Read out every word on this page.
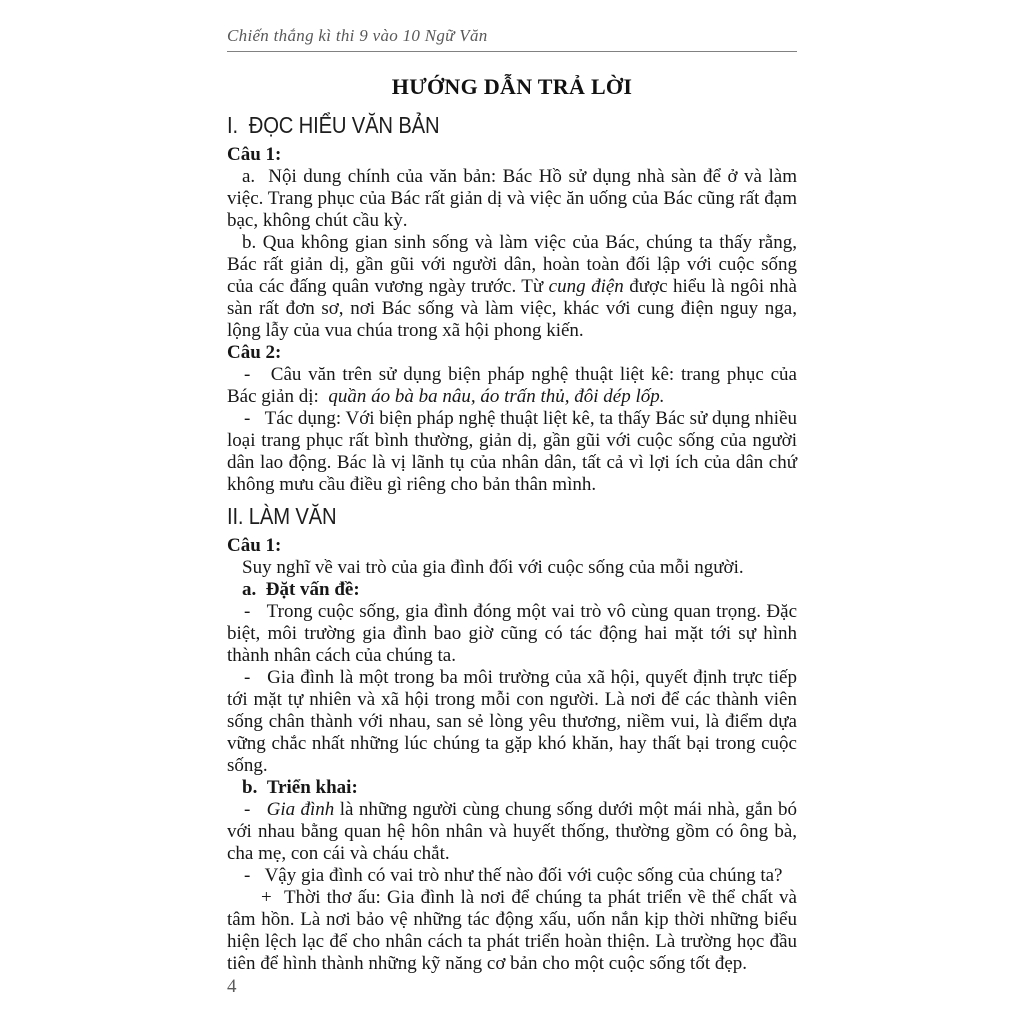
Chiến thắng kì thi 9 vào 10 Ngữ Văn
HƯỚNG DẪN TRẢ LỜI
I.  ĐỌC HIỂU VĂN BẢN

Câu 1:

a.  Nội dung chính của văn bản: Bác Hồ sử dụng nhà sàn để ở và làm việc. Trang phục của Bác rất giản dị và việc ăn uống của Bác cũng rất đạm bạc, không chút cầu kỳ.

b. Qua không gian sinh sống và làm việc của Bác, chúng ta thấy rằng, Bác rất giản dị, gần gũi với người dân, hoàn toàn đối lập với cuộc sống của các đấng quân vương ngày trước. Từ cung điện được hiểu là ngôi nhà sàn rất đơn sơ, nơi Bác sống và làm việc, khác với cung điện nguy nga, lộng lẫy của vua chúa trong xã hội phong kiến.

Câu 2:

-   Câu văn trên sử dụng biện pháp nghệ thuật liệt kê: trang phục của Bác giản dị:  quần áo bà ba nâu, áo trấn thủ, đôi dép lốp.

-   Tác dụng: Với biện pháp nghệ thuật liệt kê, ta thấy Bác sử dụng nhiều loại trang phục rất bình thường, giản dị, gần gũi với cuộc sống của người dân lao động. Bác là vị lãnh tụ của nhân dân, tất cả vì lợi ích của dân chứ không mưu cầu điều gì riêng cho bản thân mình.

II. LÀM VĂN

Câu 1:

Suy nghĩ về vai trò của gia đình đối với cuộc sống của mỗi người.

a.  Đặt vấn đề:

-   Trong cuộc sống, gia đình đóng một vai trò vô cùng quan trọng. Đặc biệt, môi trường gia đình bao giờ cũng có tác động hai mặt tới sự hình thành nhân cách của chúng ta.

-   Gia đình là một trong ba môi trường của xã hội, quyết định trực tiếp tới mặt tự nhiên và xã hội trong mỗi con người. Là nơi để các thành viên sống chân thành với nhau, san sẻ lòng yêu thương, niềm vui, là điểm dựa vững chắc nhất những lúc chúng ta gặp khó khăn, hay thất bại trong cuộc sống.

b.  Triển khai:

-   Gia đình là những người cùng chung sống dưới một mái nhà, gắn bó với nhau bằng quan hệ hôn nhân và huyết thống, thường gồm có ông bà, cha mẹ, con cái và cháu chắt.

-   Vậy gia đình có vai trò như thế nào đối với cuộc sống của chúng ta?

+  Thời thơ ấu: Gia đình là nơi để chúng ta phát triển về thể chất và tâm hồn. Là nơi bảo vệ những tác động xấu, uốn nắn kịp thời những biểu hiện lệch lạc để cho nhân cách ta phát triển hoàn thiện. Là trường học đầu tiên để hình thành những kỹ năng cơ bản cho một cuộc sống tốt đẹp.

4
